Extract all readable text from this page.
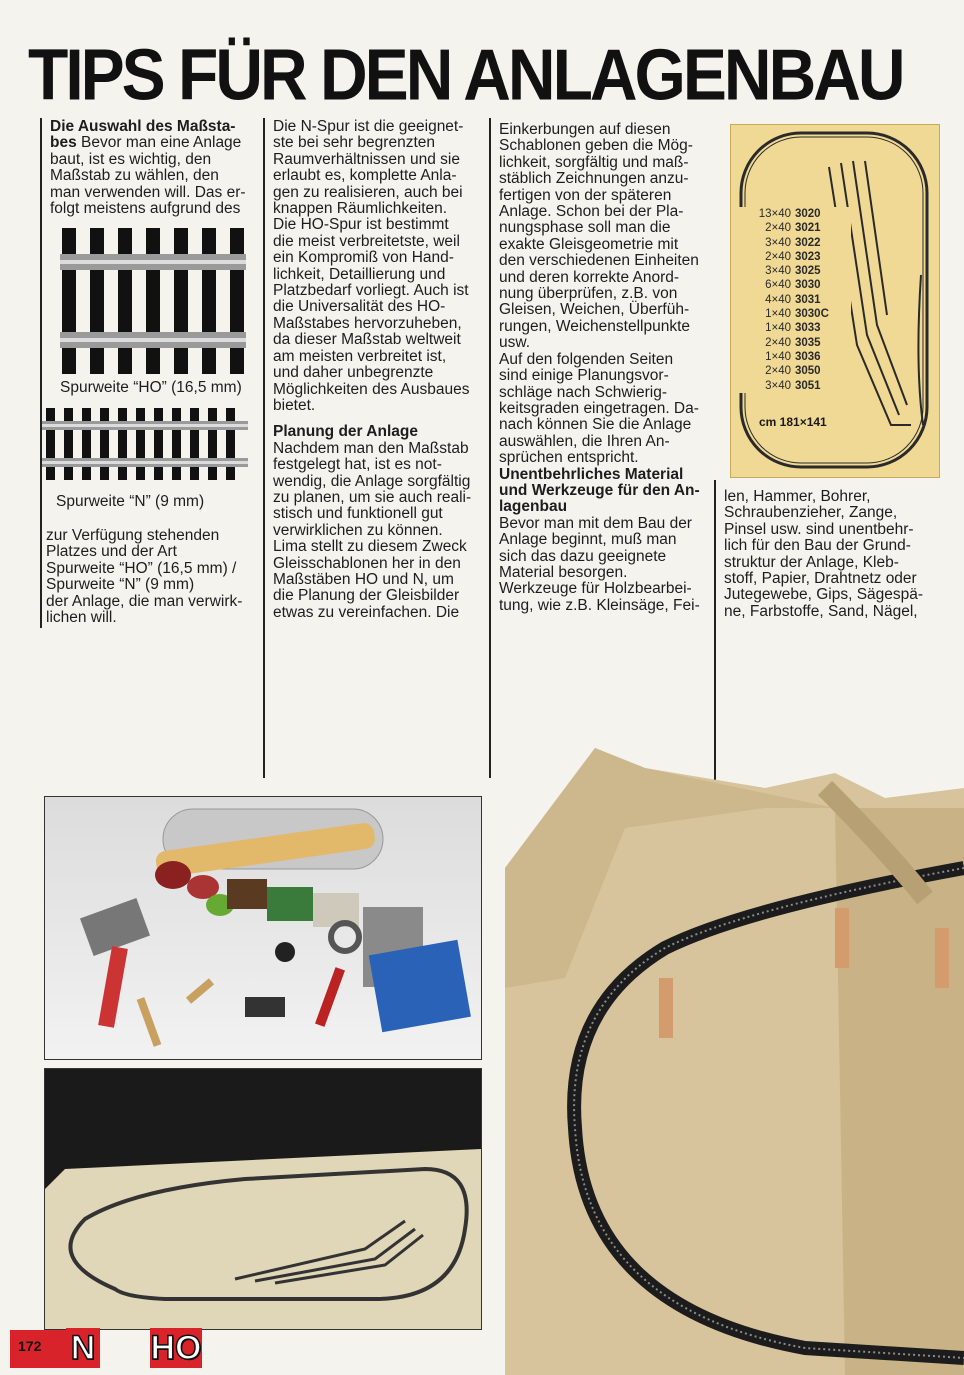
TIPS FÜR DEN ANLAGENBAU

Die Auswahl des Maßsta-
bes Bevor man eine Anlage
baut, ist es wichtig, den
Maßstab zu wählen, den
man verwenden will. Das er-
folgt meistens aufgrund des

Spurweite “HO” (16,5 mm)
Spurweite “N” (9 mm)

zur Verfügung stehenden
Platzes und der Art
Spurweite “HO” (16,5 mm) /
Spurweite “N” (9 mm)
der Anlage, die man verwirk-
lichen will.

Die N-Spur ist die geeignet-
ste bei sehr begrenzten
Raumverhältnissen und sie
erlaubt es, komplette Anla-
gen zu realisieren, auch bei
knappen Räumlichkeiten.
Die HO-Spur ist bestimmt
die meist verbreitetste, weil
ein Kompromiß von Hand-
lichkeit, Detaillierung und
Platzbedarf vorliegt. Auch ist
die Universalität des HO-
Maßstabes hervorzuheben,
da dieser Maßstab weltweit
am meisten verbreitet ist,
und daher unbegrenzte
Möglichkeiten des Ausbaues
bietet.

Planung der Anlage

Nachdem man den Maßstab
festgelegt hat, ist es not-
wendig, die Anlage sorgfältig
zu planen, um sie auch reali-
stisch und funktionell gut
verwirklichen zu können.
Lima stellt zu diesem Zweck
Gleisschablonen her in den
Maßstäben HO und N, um
die Planung der Gleisbilder
etwas zu vereinfachen. Die

Einkerbungen auf diesen
Schablonen geben die Mög-
lichkeit, sorgfältig und maß-
stäblich Zeichnungen anzu-
fertigen von der späteren
Anlage. Schon bei der Pla-
nungsphase soll man die
exakte Gleisgeometrie mit
den verschiedenen Einheiten
und deren korrekte Anord-
nung überprüfen, z.B. von
Gleisen, Weichen, Überfüh-
rungen, Weichenstellpunkte
usw.
Auf den folgenden Seiten
sind einige Planungsvor-
schläge nach Schwierig-
keitsgraden eingetragen. Da-
nach können Sie die Anlage
auswählen, die Ihren An-
sprüchen entspricht.

Unentbehrliches Material
und Werkzeuge für den An-
lagenbau

Bevor man mit dem Bau der
Anlage beginnt, muß man
sich das dazu geeignete
Material besorgen.
Werkzeuge für Holzbearbei-
tung, wie z.B. Kleinsäge, Fei-

13×40 3020
2×40 3021
3×40 3022
2×40 3023
3×40 3025
6×40 3030
4×40 3031
1×40 3030C
1×40 3033
2×40 3035
1×40 3036
2×40 3050
3×40 3051
cm 181×141

len, Hammer, Bohrer,
Schraubenzieher, Zange,
Pinsel usw. sind unentbehr-
lich für den Bau der Grund-
struktur der Anlage, Kleb-
stoff, Papier, Drahtnetz oder
Jutegewebe, Gips, Sägespä-
ne, Farbstoffe, Sand, Nägel,

172 N HO
